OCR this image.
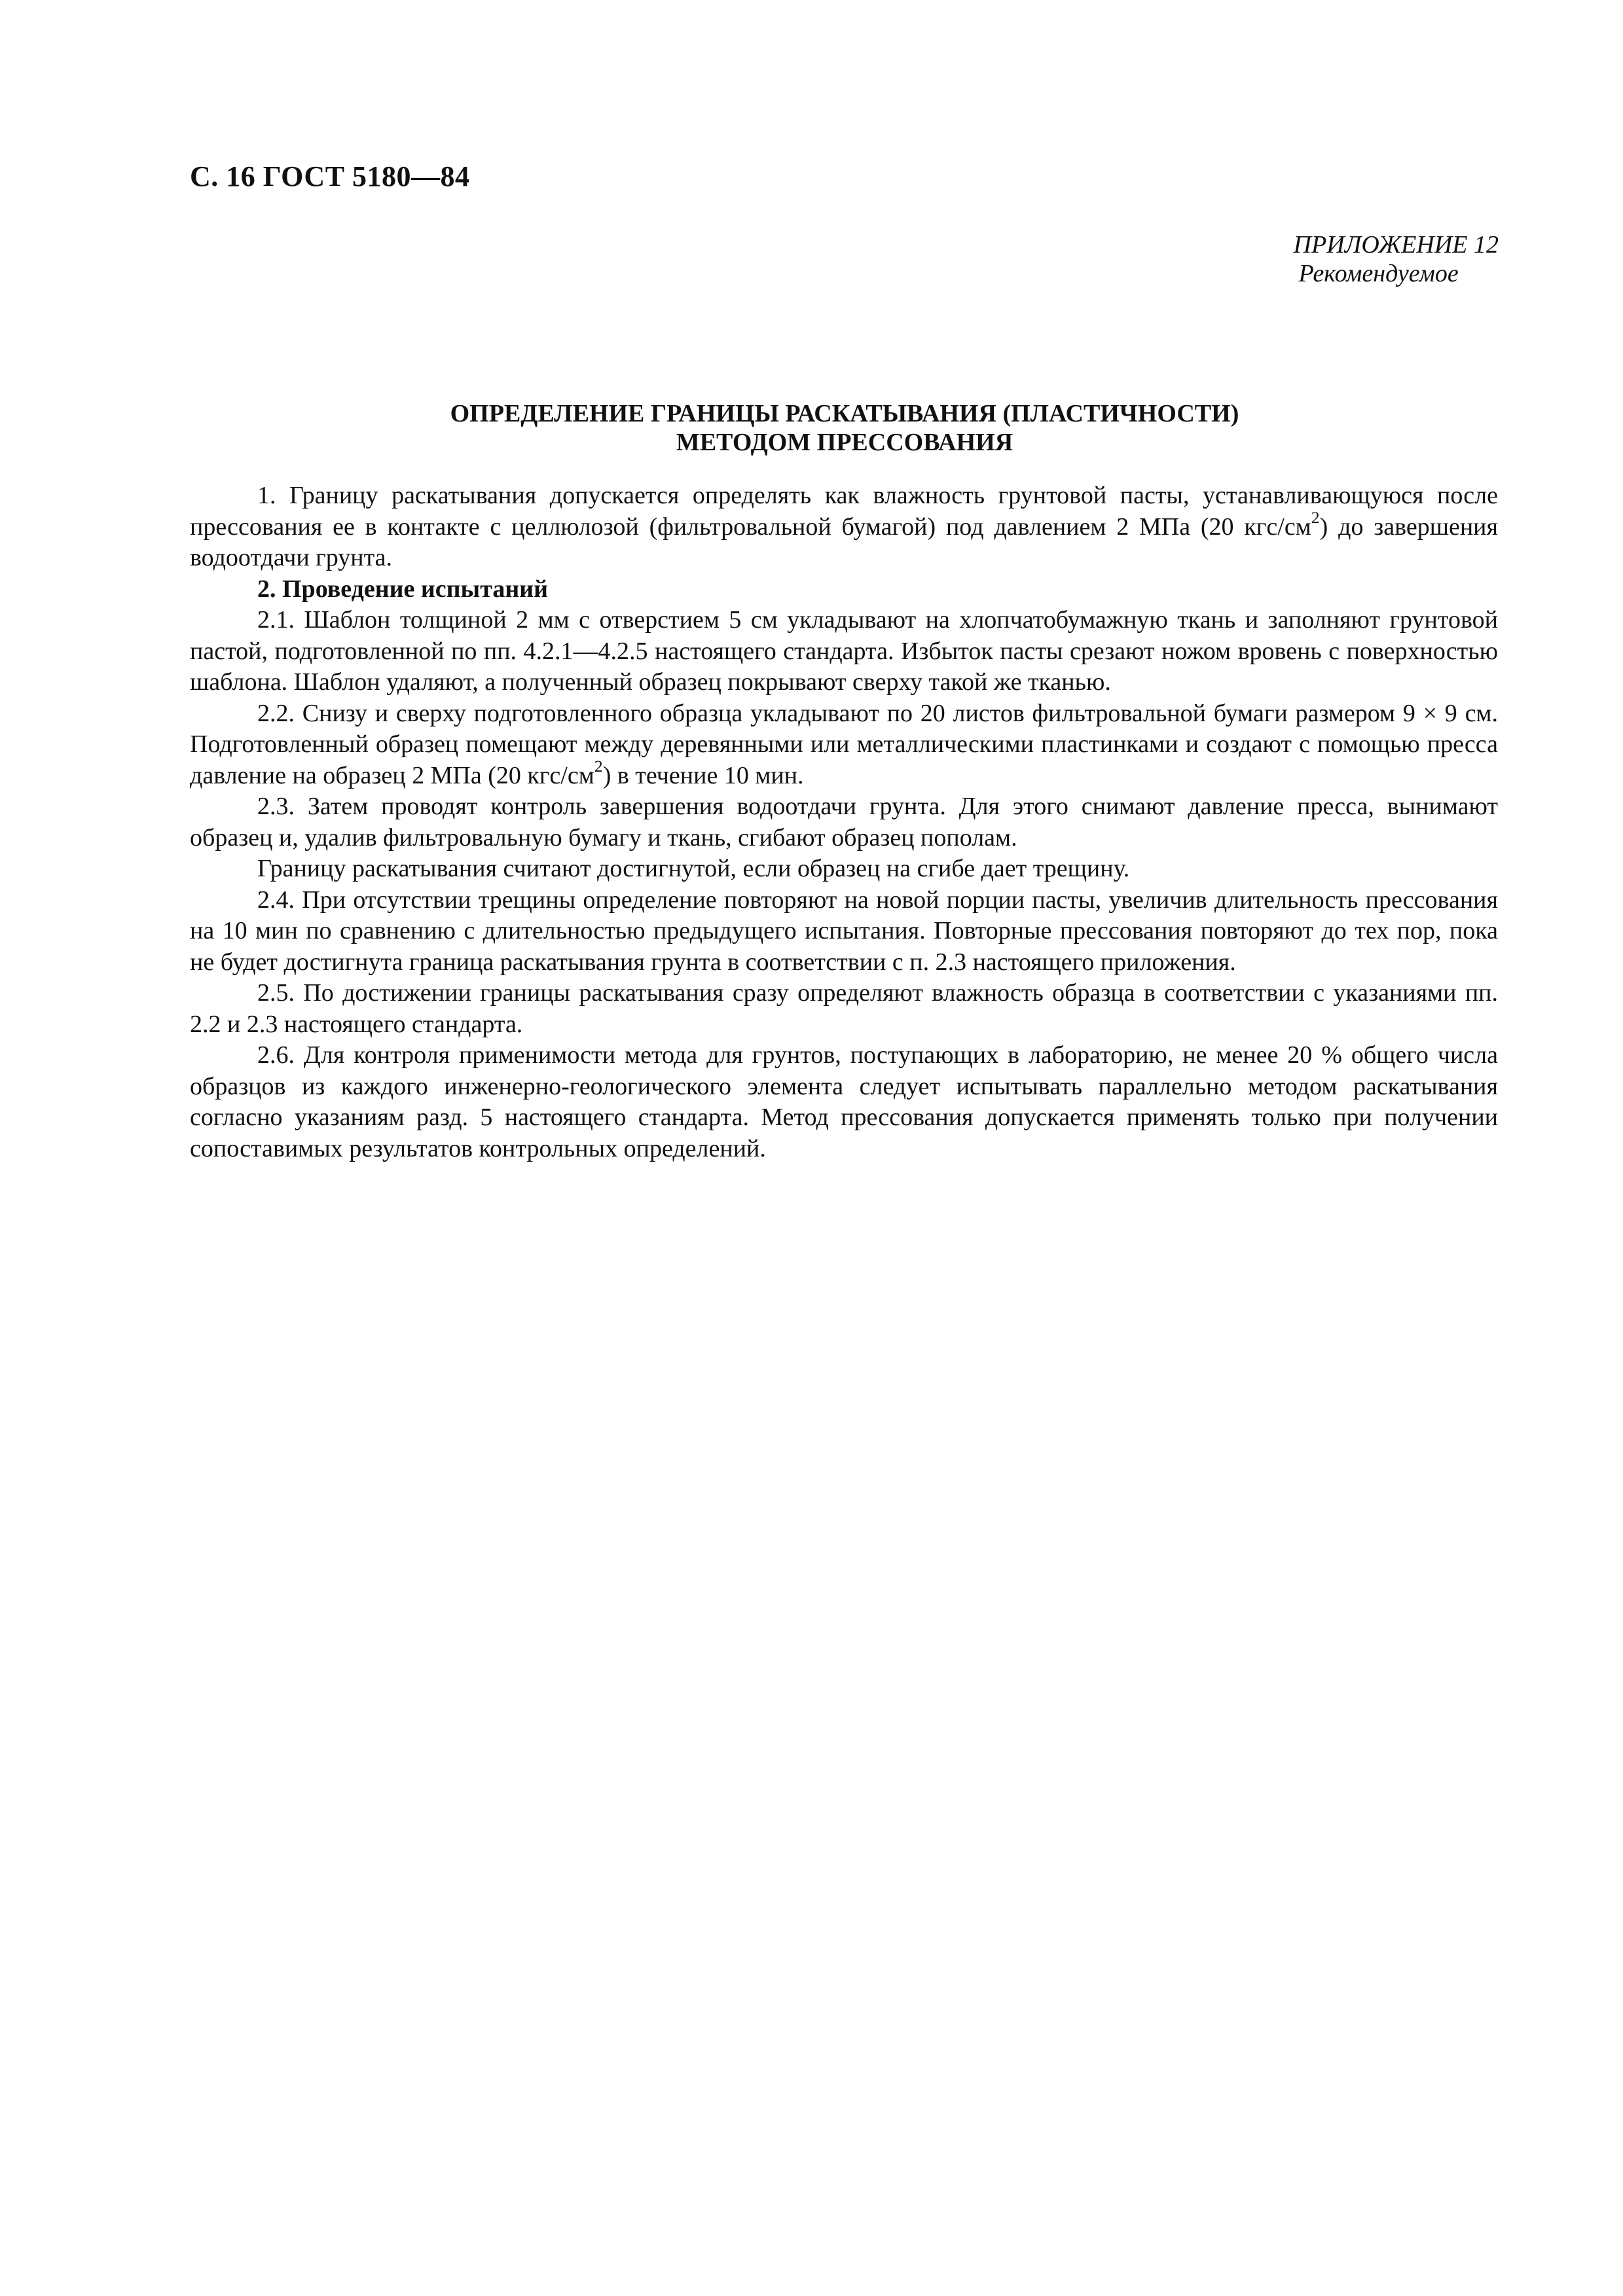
С. 16 ГОСТ 5180—84
ПРИЛОЖЕНИЕ 12
Рекомендуемое
ОПРЕДЕЛЕНИЕ ГРАНИЦЫ РАСКАТЫВАНИЯ (ПЛАСТИЧНОСТИ)
МЕТОДОМ ПРЕССОВАНИЯ

1. Границу раскатывания допускается определять как влажность грунтовой пасты, устанавливающуюся после прессования ее в контакте с целлюлозой (фильтровальной бумагой) под давлением 2 МПа (20 кгс/$см^2$) до завершения водоотдачи грунта.

2. Проведение испытаний

2.1. Шаблон толщиной 2 мм с отверстием 5 см укладывают на хлопчатобумажную ткань и заполняют грунтовой пастой, подготовленной по пп. 4.2.1—4.2.5 настоящего стандарта. Избыток пасты срезают ножом вровень с поверхностью шаблона. Шаблон удаляют, а полученный образец покрывают сверху такой же тканью.

2.2. Снизу и сверху подготовленного образца укладывают по 20 листов фильтровальной бумаги размером 9 × 9 см. Подготовленный образец помещают между деревянными или металлическими пластинками и создают с помощью пресса давление на образец 2 МПа (20 кгс/$см^2$) в течение 10 мин.

2.3. Затем проводят контроль завершения водоотдачи грунта. Для этого снимают давление пресса, вынимают образец и, удалив фильтровальную бумагу и ткань, сгибают образец пополам.

Границу раскатывания считают достигнутой, если образец на сгибе дает трещину.

2.4. При отсутствии трещины определение повторяют на новой порции пасты, увеличив длительность прессования на 10 мин по сравнению с длительностью предыдущего испытания. Повторные прессования повторяют до тех пор, пока не будет достигнута граница раскатывания грунта в соответствии с п. 2.3 настоящего приложения.

2.5. По достижении границы раскатывания сразу определяют влажность образца в соответствии с указаниями пп. 2.2 и 2.3 настоящего стандарта.

2.6. Для контроля применимости метода для грунтов, поступающих в лабораторию, не менее 20 % общего числа образцов из каждого инженерно-геологического элемента следует испытывать параллельно методом раскатывания согласно указаниям разд. 5 настоящего стандарта. Метод прессования допускается применять только при получении сопоставимых результатов контрольных определений.
